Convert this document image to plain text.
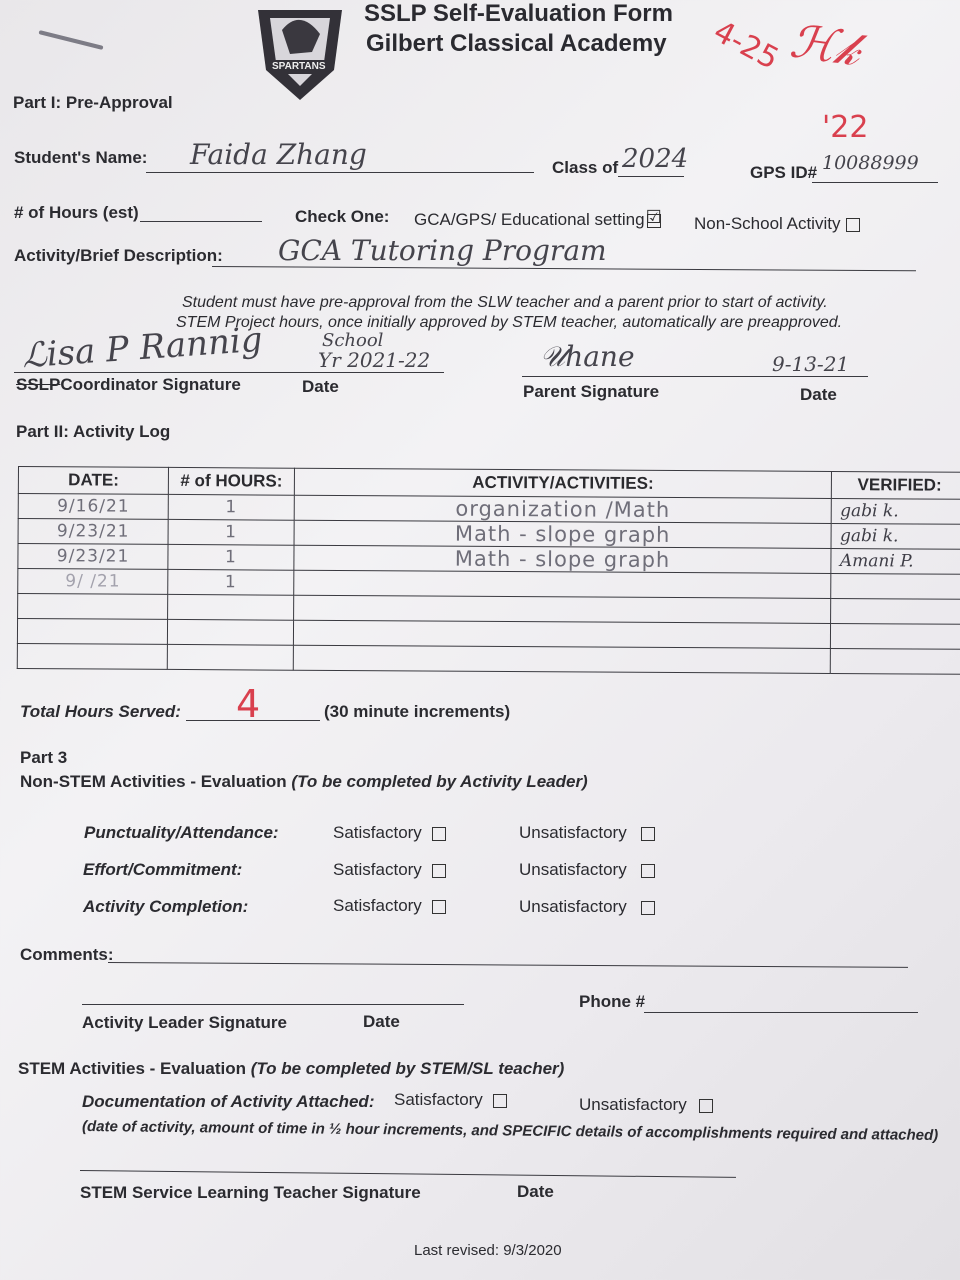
SPARTANS
SSLP Self-Evaluation Form
Gilbert Classical Academy 4-25 ℋ𝓀
'22
Part I: Pre-Approval
Student's Name: Faida Zhang	Class of 2024	GPS ID# 10088999
# of Hours (est)	Check One: GCA/GPS/ Educational setting ☑ Non-School Activity
Activity/Brief Description: GCA Tutoring Program
Student must have pre-approval from the SLW teacher and a parent prior to start of activity.
STEM Project hours, once initially approved by STEM teacher, automatically are preapproved.
ℒisa P Rannig
SSLPCoordinator Signature
School
Yr 2021-22
Date
𝒰hane	9-13-21
Parent Signature	Date
Part II: Activity Log
DATE:	# of HOURS:	ACTIVITY/ACTIVITIES:	VERIFIED:
9/16/21	1	organization /Math	gabi k.
9/23/21	1	Math - slope graph	gabi k.
9/23/21	1	Math - slope graph	Amani P.
9/ /21	1		

Total Hours Served: 4	(30 minute increments)
Part 3
Non-STEM Activities - Evaluation (To be completed by Activity Leader)
Punctuality/Attendance:	Satisfactory	Unsatisfactory
Effort/Commitment:	Satisfactory	Unsatisfactory
Activity Completion:	Satisfactory	Unsatisfactory
Comments:
Phone #
Activity Leader Signature	Date
STEM Activities - Evaluation (To be completed by STEM/SL teacher)
Documentation of Activity Attached: Satisfactory	Unsatisfactory
(date of activity, amount of time in ½ hour increments, and SPECIFIC details of accomplishments required and attached)
STEM Service Learning Teacher Signature	Date
Last revised: 9/3/2020
